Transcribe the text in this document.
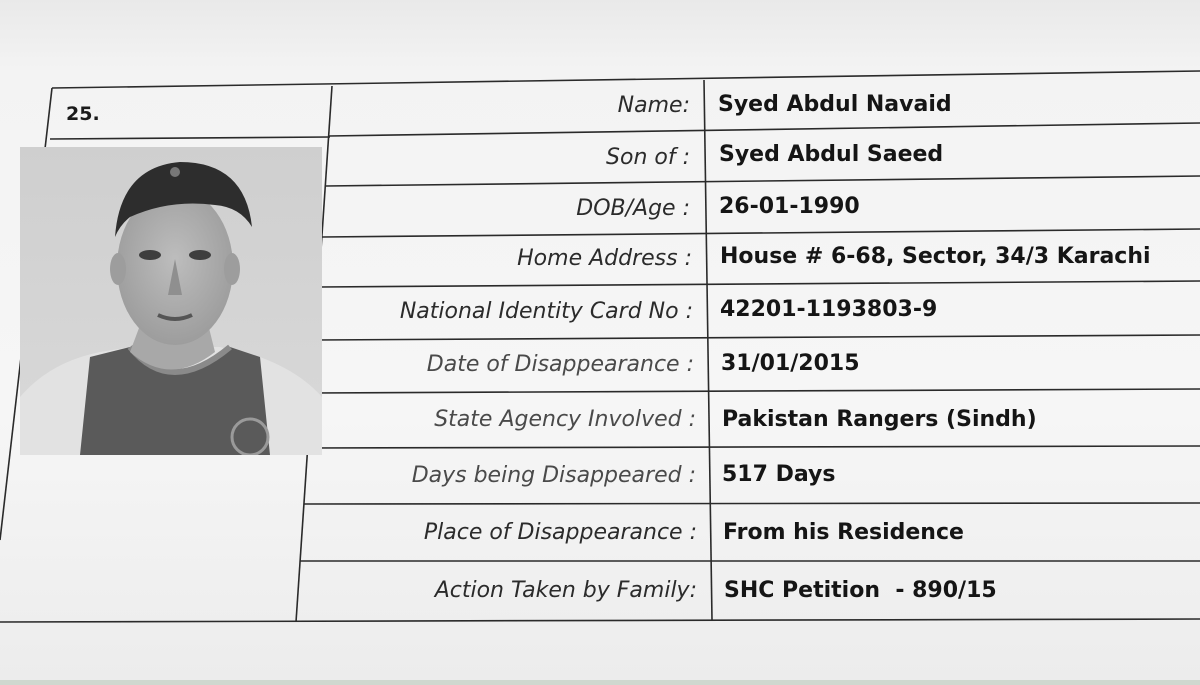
25.	Name:
Son of :
DOB/Age :
Home Address :
National Identity Card No :
Date of Disappearance :
State Agency Involved :
Days being Disappeared :
Place of Disappearance :
Action Taken by Family:
Syed Abdul Navaid
Syed Abdul Saeed
26-01-1990
House # 6-68, Sector, 34/3 Karachi
42201-1193803-9
31/01/2015
Pakistan Rangers (Sindh)
517 Days
From his Residence
SHC Petition  - 890/15
